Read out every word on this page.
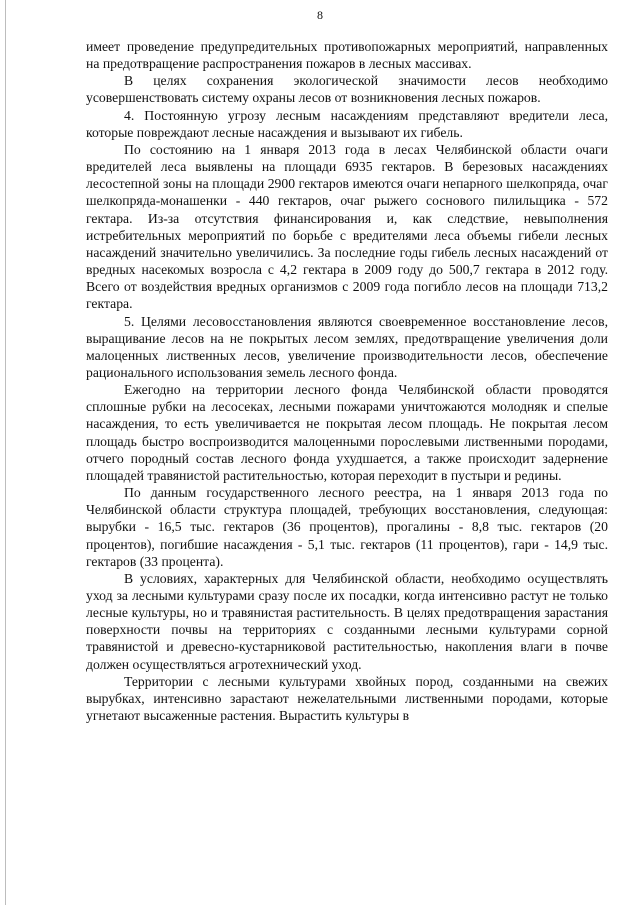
8

имеет проведение предупредительных противопожарных мероприятий, направленных на предотвращение распространения пожаров в лесных массивах.

В целях сохранения экологической значимости лесов необходимо усовершенствовать систему охраны лесов от возникновения лесных пожаров.

4. Постоянную угрозу лесным насаждениям представляют вредители леса, которые повреждают лесные насаждения и вызывают их гибель.

По состоянию на 1 января 2013 года в лесах Челябинской области очаги вредителей леса выявлены на площади 6935 гектаров. В березовых насаждениях лесостепной зоны на площади 2900 гектаров имеются очаги непарного шелкопряда, очаг шелкопряда-монашенки - 440 гектаров, очаг рыжего соснового пилильщика - 572 гектара. Из-за отсутствия финансирования и, как следствие, невыполнения истребительных мероприятий по борьбе с вредителями леса объемы гибели лесных насаждений значительно увеличились. За последние годы гибель лесных насаждений от вредных насекомых возросла с 4,2 гектара в 2009 году до 500,7 гектара в 2012 году. Всего от воздействия вредных организмов с 2009 года погибло лесов на площади 713,2 гектара.

5. Целями лесовосстановления являются своевременное восстановление лесов, выращивание лесов на не покрытых лесом землях, предотвращение увеличения доли малоценных лиственных лесов, увеличение производительности лесов, обеспечение рационального использования земель лесного фонда.

Ежегодно на территории лесного фонда Челябинской области проводятся сплошные рубки на лесосеках, лесными пожарами уничтожаются молодняк и спелые насаждения, то есть увеличивается не покрытая лесом площадь. Не покрытая лесом площадь быстро воспроизводится малоценными порослевыми лиственными породами, отчего породный состав лесного фонда ухудшается, а также происходит задернение площадей травянистой растительностью, которая переходит в пустыри и редины.

По данным государственного лесного реестра, на 1 января 2013 года по Челябинской области структура площадей, требующих восстановления, следующая: вырубки - 16,5 тыс. гектаров (36 процентов), прогалины - 8,8 тыс. гектаров (20 процентов), погибшие насаждения - 5,1 тыс. гектаров (11 процентов), гари - 14,9 тыс. гектаров (33 процента).

В условиях, характерных для Челябинской области, необходимо осуществлять уход за лесными культурами сразу после их посадки, когда интенсивно растут не только лесные культуры, но и травянистая растительность. В целях предотвращения зарастания поверхности почвы на территориях с созданными лесными культурами сорной травянистой и древесно-кустарниковой растительностью, накопления влаги в почве должен осуществляться агротехнический уход.

Территории с лесными культурами хвойных пород, созданными на свежих вырубках, интенсивно зарастают нежелательными лиственными породами, которые угнетают высаженные растения. Вырастить культуры в
